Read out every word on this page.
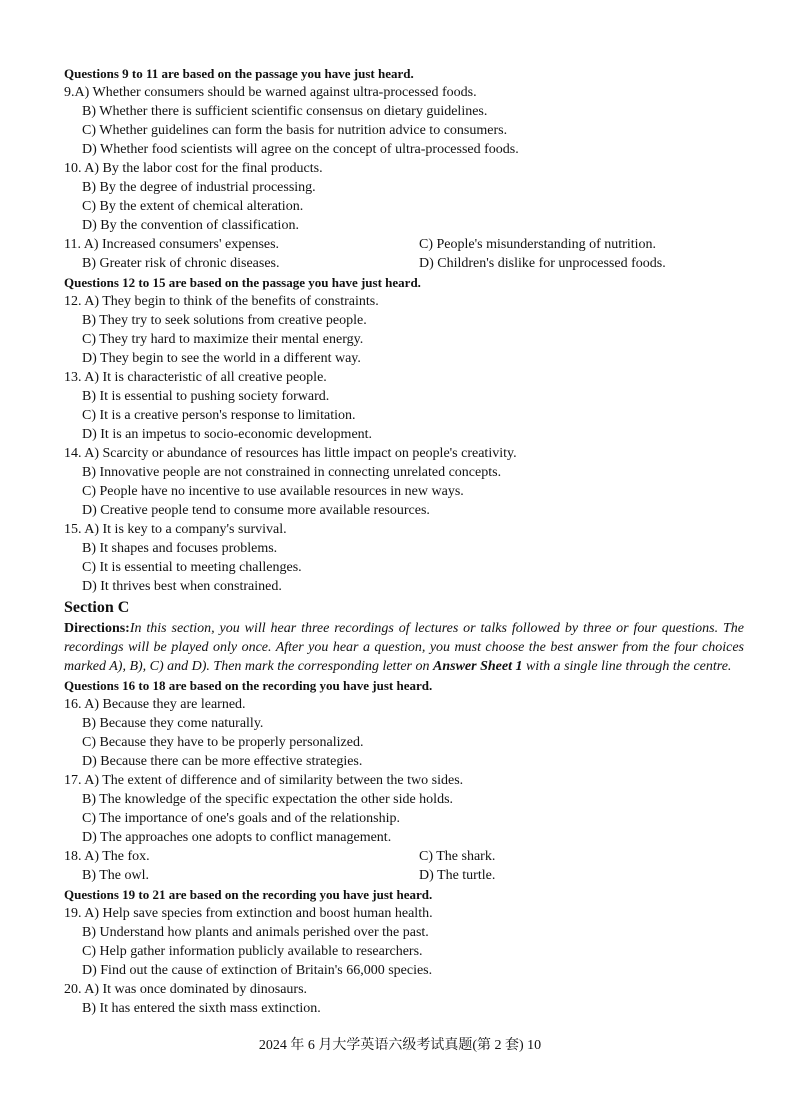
Questions 9 to 11 are based on the passage you have just heard.
9.A) Whether consumers should be warned against ultra-processed foods.
B) Whether there is sufficient scientific consensus on dietary guidelines.
C) Whether guidelines can form the basis for nutrition advice to consumers.
D) Whether food scientists will agree on the concept of ultra-processed foods.
10. A) By the labor cost for the final products.
B) By the degree of industrial processing.
C) By the extent of chemical alteration.
D) By the convention of classification.
11. A) Increased consumers' expenses.	C) People's misunderstanding of nutrition.
B) Greater risk of chronic diseases.	D) Children's dislike for unprocessed foods.
Questions 12 to 15 are based on the passage you have just heard.
12. A) They begin to think of the benefits of constraints.
B) They try to seek solutions from creative people.
C) They try hard to maximize their mental energy.
D) They begin to see the world in a different way.
13. A) It is characteristic of all creative people.
B) It is essential to pushing society forward.
C) It is a creative person's response to limitation.
D) It is an impetus to socio-economic development.
14. A) Scarcity or abundance of resources has little impact on people's creativity.
B) Innovative people are not constrained in connecting unrelated concepts.
C) People have no incentive to use available resources in new ways.
D) Creative people tend to consume more available resources.
15. A) It is key to a company's survival.
B) It shapes and focuses problems.
C) It is essential to meeting challenges.
D) It thrives best when constrained.
Section C
Directions:In this section, you will hear three recordings of lectures or talks followed by three or four questions. The recordings will be played only once. After you hear a question, you must choose the best answer from the four choices marked A), B), C) and D). Then mark the corresponding letter on Answer Sheet 1 with a single line through the centre.
Questions 16 to 18 are based on the recording you have just heard.
16. A) Because they are learned.
B) Because they come naturally.
C) Because they have to be properly personalized.
D) Because there can be more effective strategies.
17. A) The extent of difference and of similarity between the two sides.
B) The knowledge of the specific expectation the other side holds.
C) The importance of one's goals and of the relationship.
D) The approaches one adopts to conflict management.
18. A) The fox.	C) The shark.
B) The owl.	D) The turtle.
Questions 19 to 21 are based on the recording you have just heard.
19. A) Help save species from extinction and boost human health.
B) Understand how plants and animals perished over the past.
C) Help gather information publicly available to researchers.
D) Find out the cause of extinction of Britain's 66,000 species.
20. A) It was once dominated by dinosaurs.
B) It has entered the sixth mass extinction.
2024 年 6 月大学英语六级考试真题(第 2 套) 10
